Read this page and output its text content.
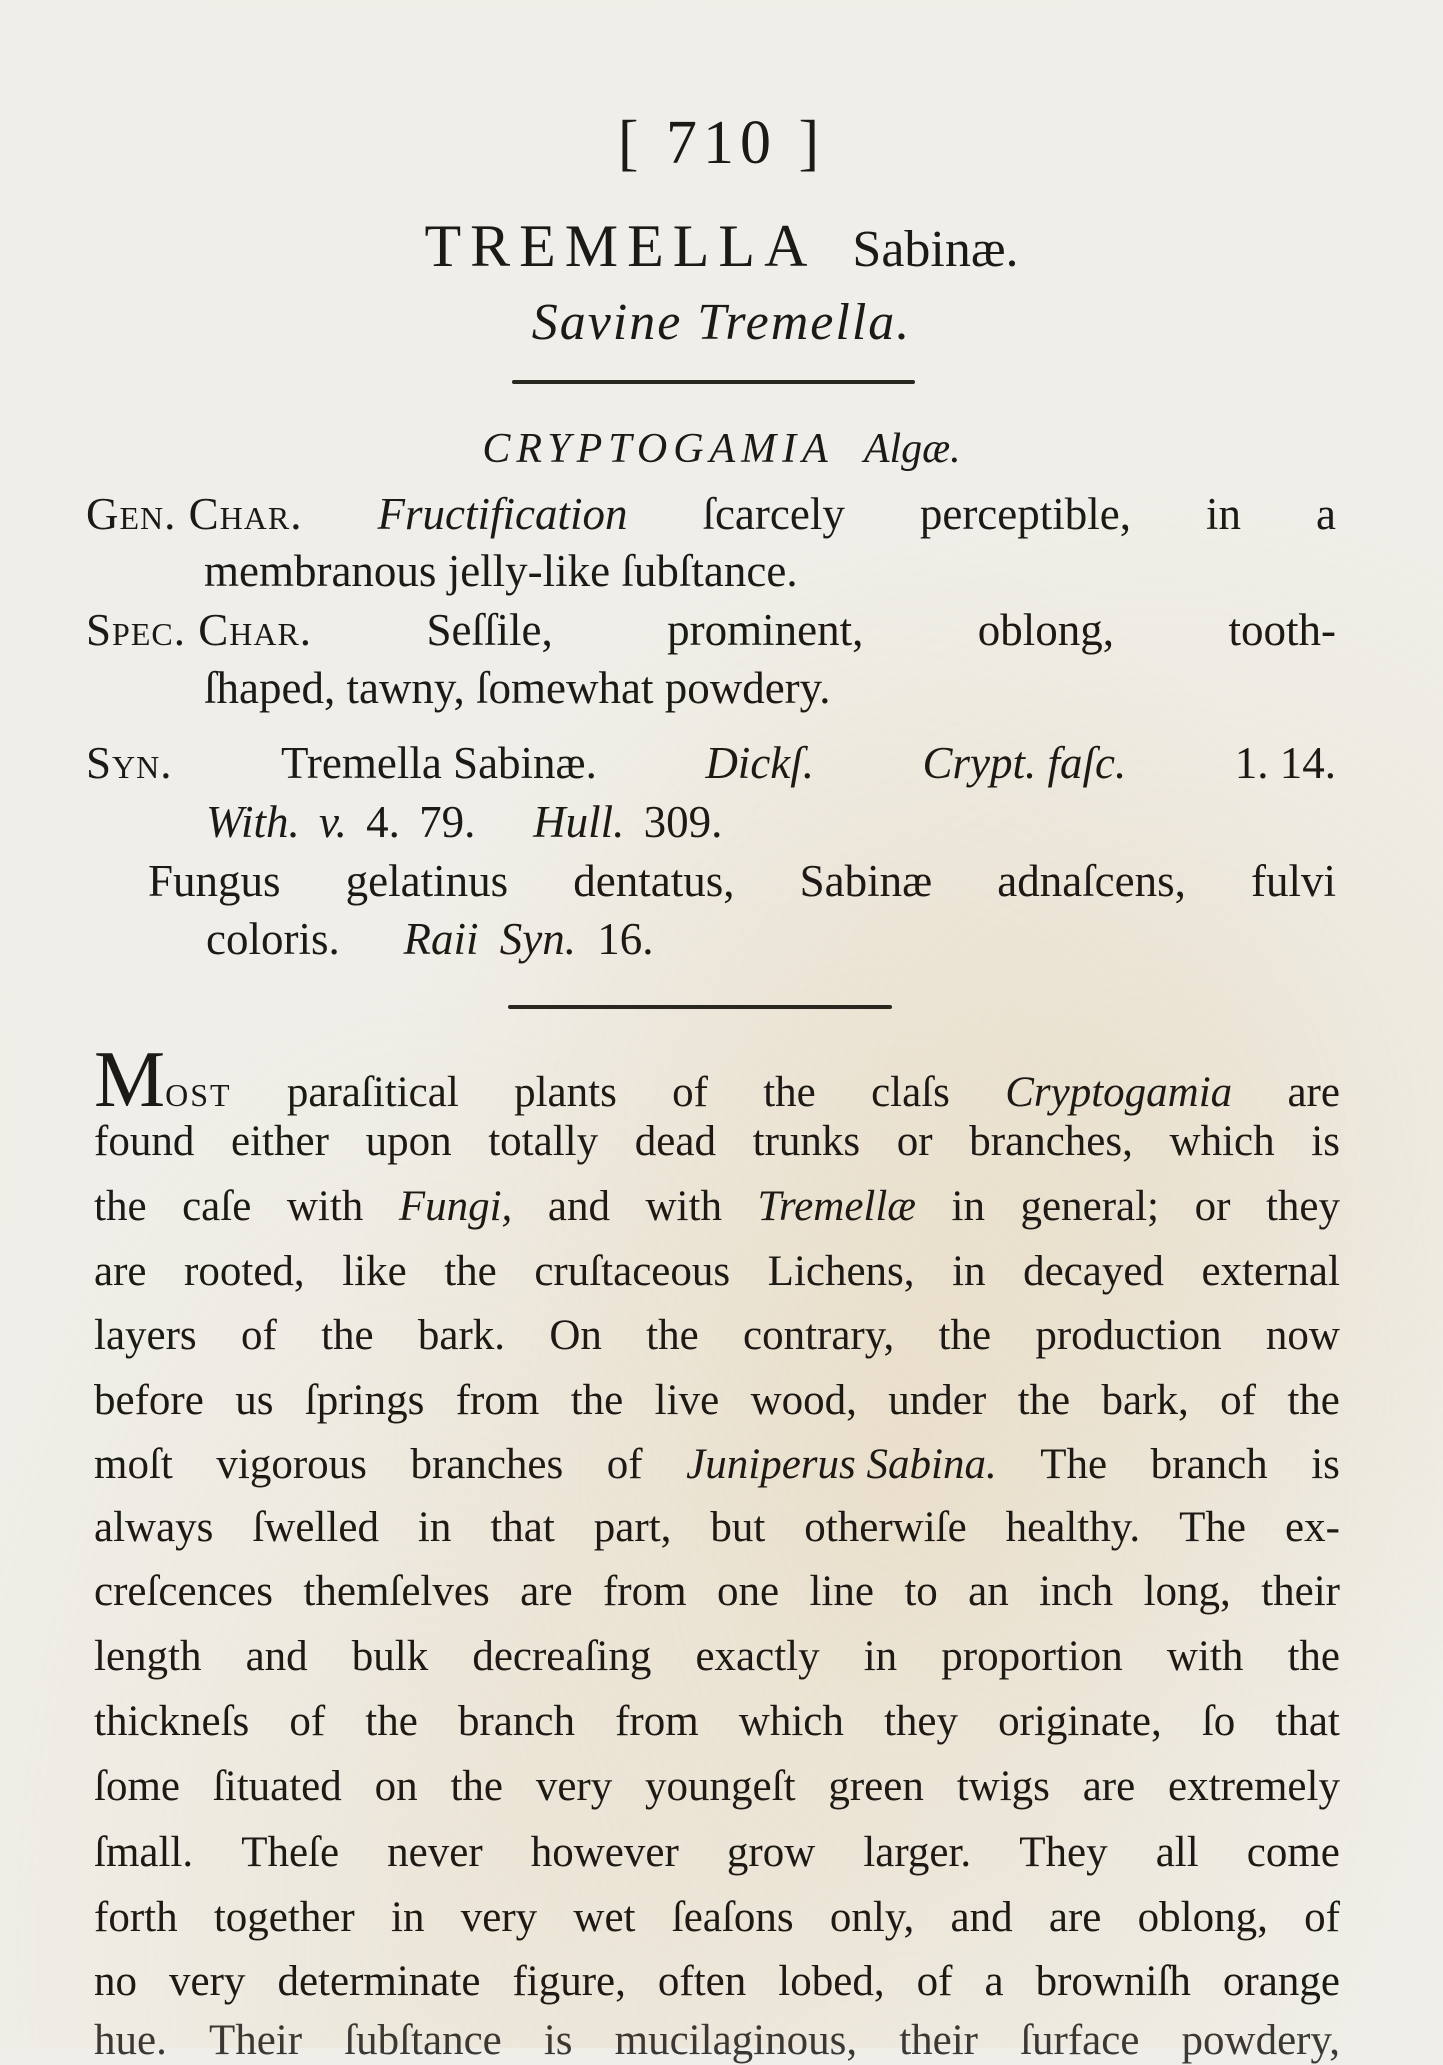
[ 710 ]
TREMELLA Sabinæ.
Savine Tremella.
CRYPTOGAMIA Algæ.
Gen. Char. Fructification ſcarcely perceptible, in a
membranous jelly-like ſubſtance.
Spec. Char.	Seſſile,	prominent,	oblong,	tooth-
ſhaped, tawny, ſomewhat powdery.
Syn. Tremella Sabinæ. Dickſ. Crypt. faſc. 1. 14.
With. v. 4. 79. Hull. 309.
Fungus gelatinus dentatus, Sabinæ adnaſcens, fulvi
coloris. Raii Syn. 16.
Most paraſitical plants of the claſs Cryptogamia are
found either upon totally dead trunks or branches, which is
the caſe with Fungi, and with Tremellæ in general; or they
are rooted, like the cruſtaceous Lichens, in decayed external
layers of the bark. On the contrary, the production now
before us ſprings from the live wood, under the bark, of the
moſt vigorous branches of Juniperus Sabina. The branch is
always ſwelled in that part, but otherwiſe healthy. The ex-
creſcences themſelves are from one line to an inch long, their
length and bulk decreaſing exactly in proportion with the
thickneſs of the branch from which they originate, ſo that
ſome ſituated on the very youngeſt green twigs are extremely
ſmall. Theſe never however grow larger. They all come
forth together in very wet ſeaſons only, and are oblong, of
no very determinate figure, often lobed, of a browniſh orange
hue. Their ſubſtance is mucilaginous, their ſurface powdery,
